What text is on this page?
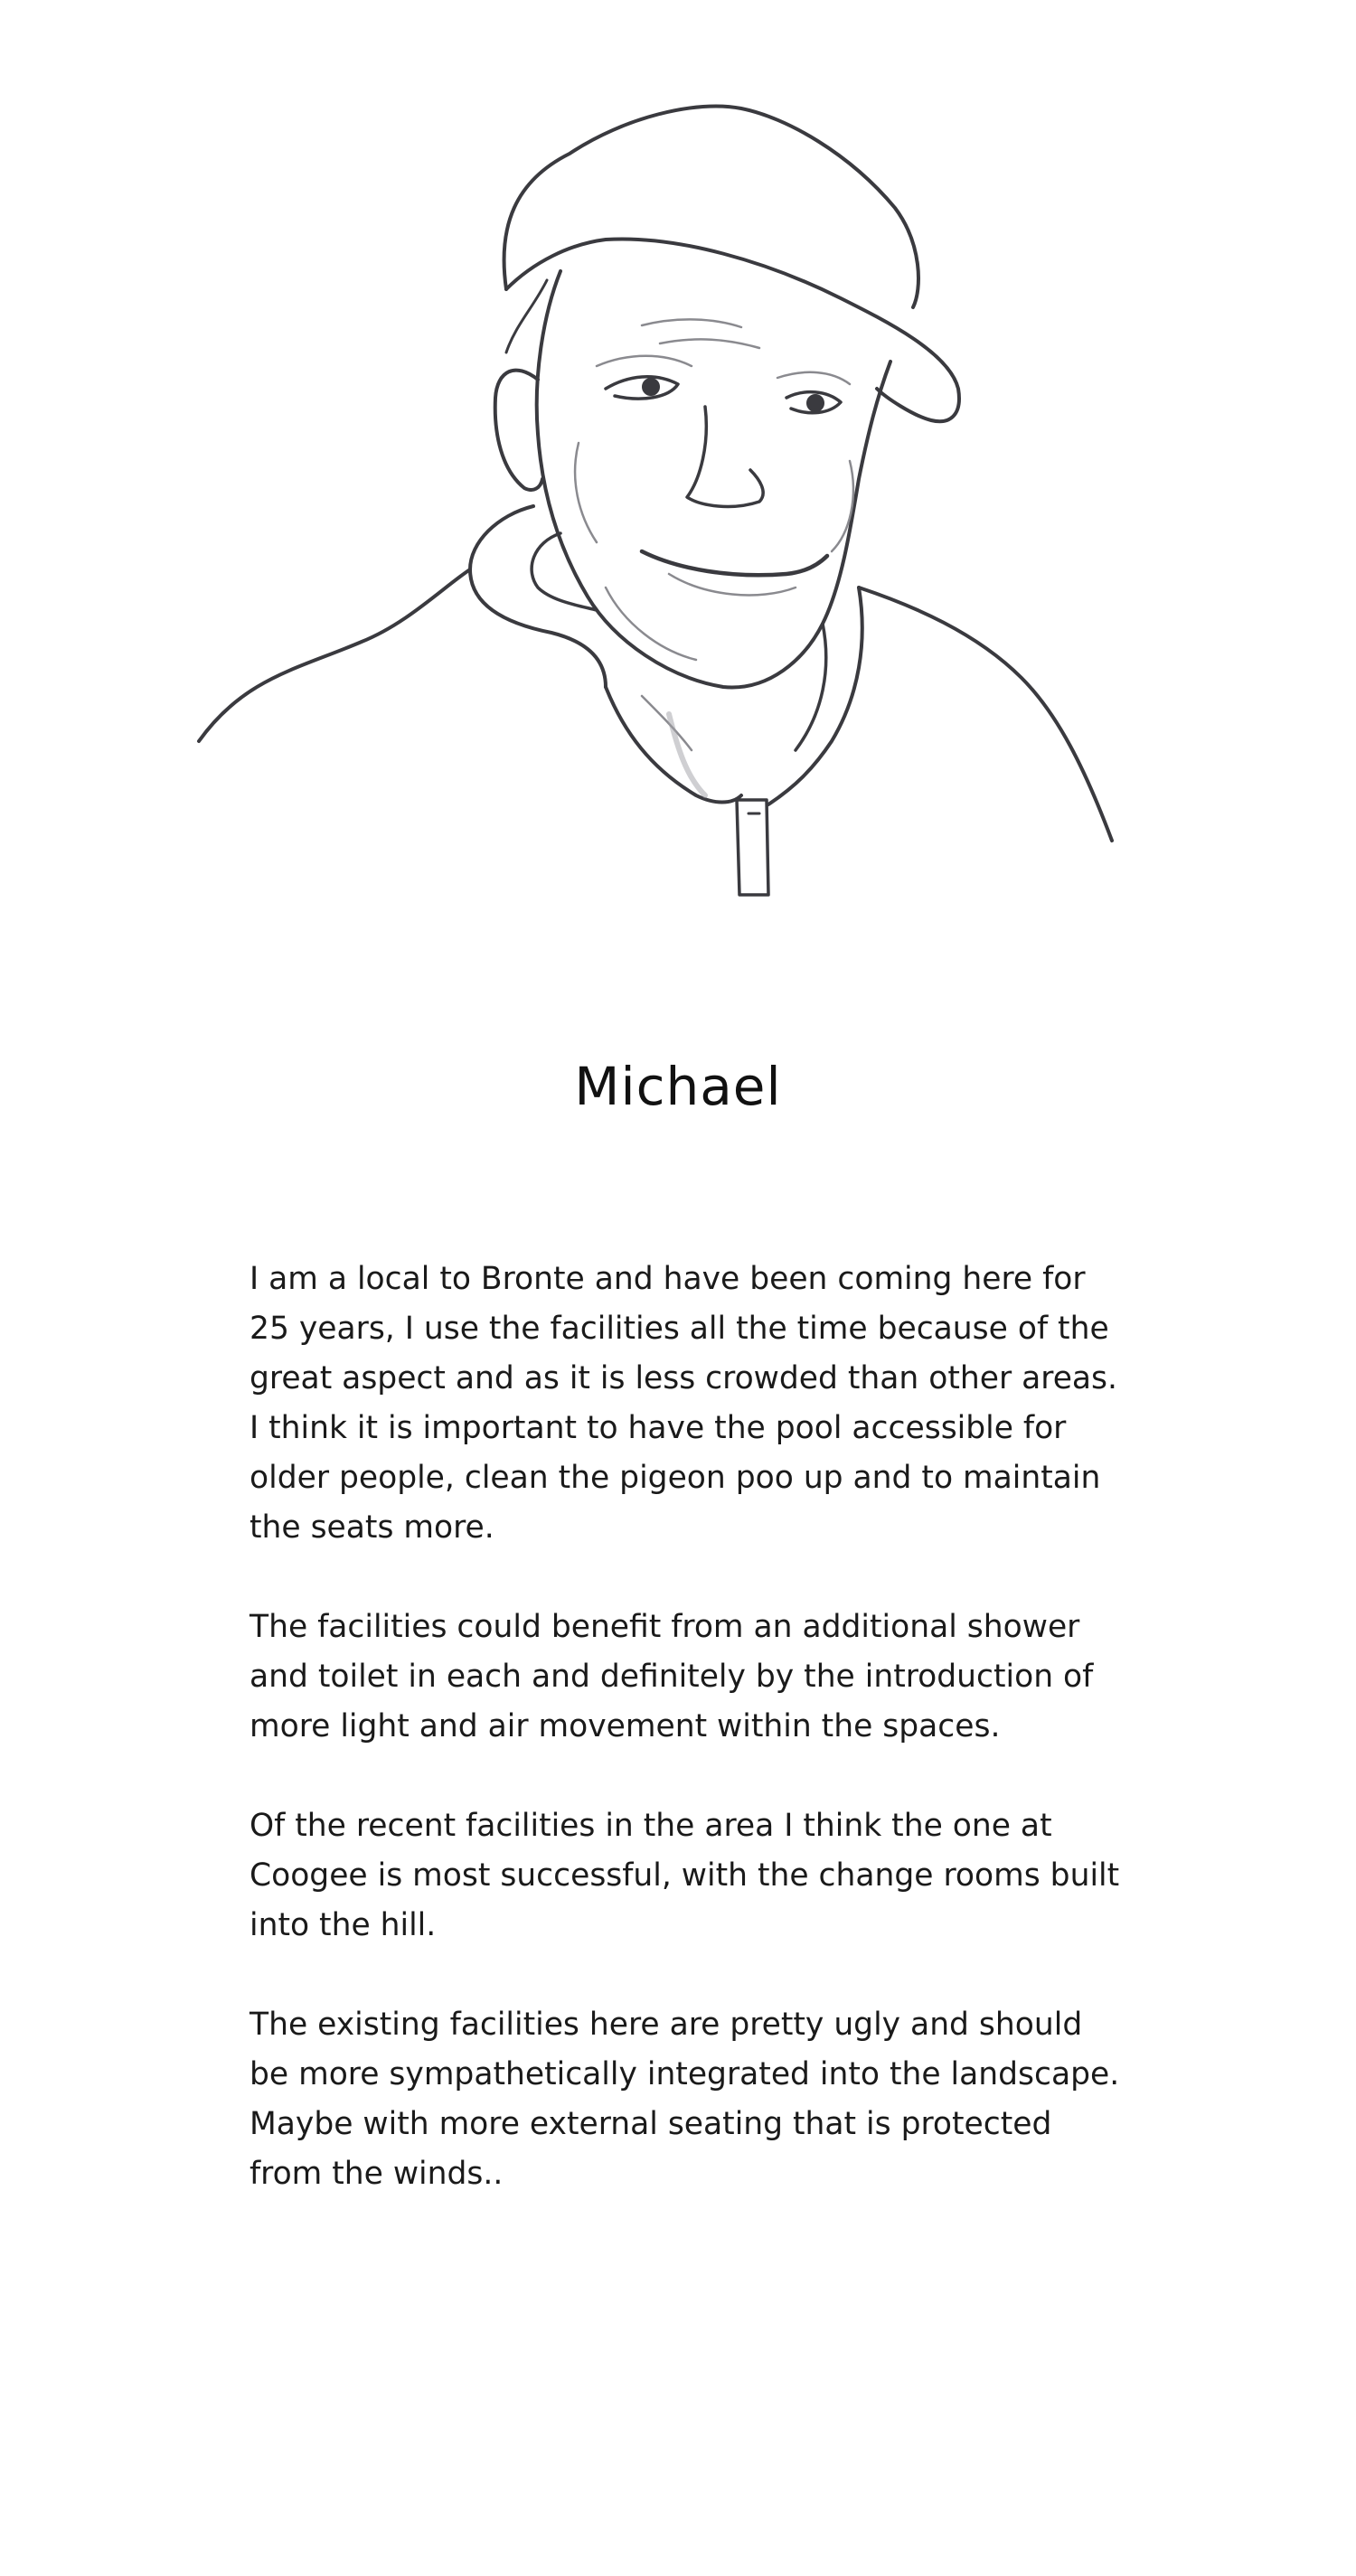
Michael

I am a local to Bronte and have been coming here for 25 years, I use the facilities all the time because of the great aspect and as it is less crowded than other areas. I think it is important to have the pool accessible for older people, clean the pigeon poo up and to maintain the seats more.

The facilities could benefit from an additional shower and toilet in each and definitely by the introduction of more light and air movement within the spaces.

Of the recent facilities in the area I think the one at Coogee is most successful, with the change rooms built into the hill.

The existing facilities here are pretty ugly and should be more sympathetically integrated into the landscape. Maybe with more external seating that is protected from the winds..
